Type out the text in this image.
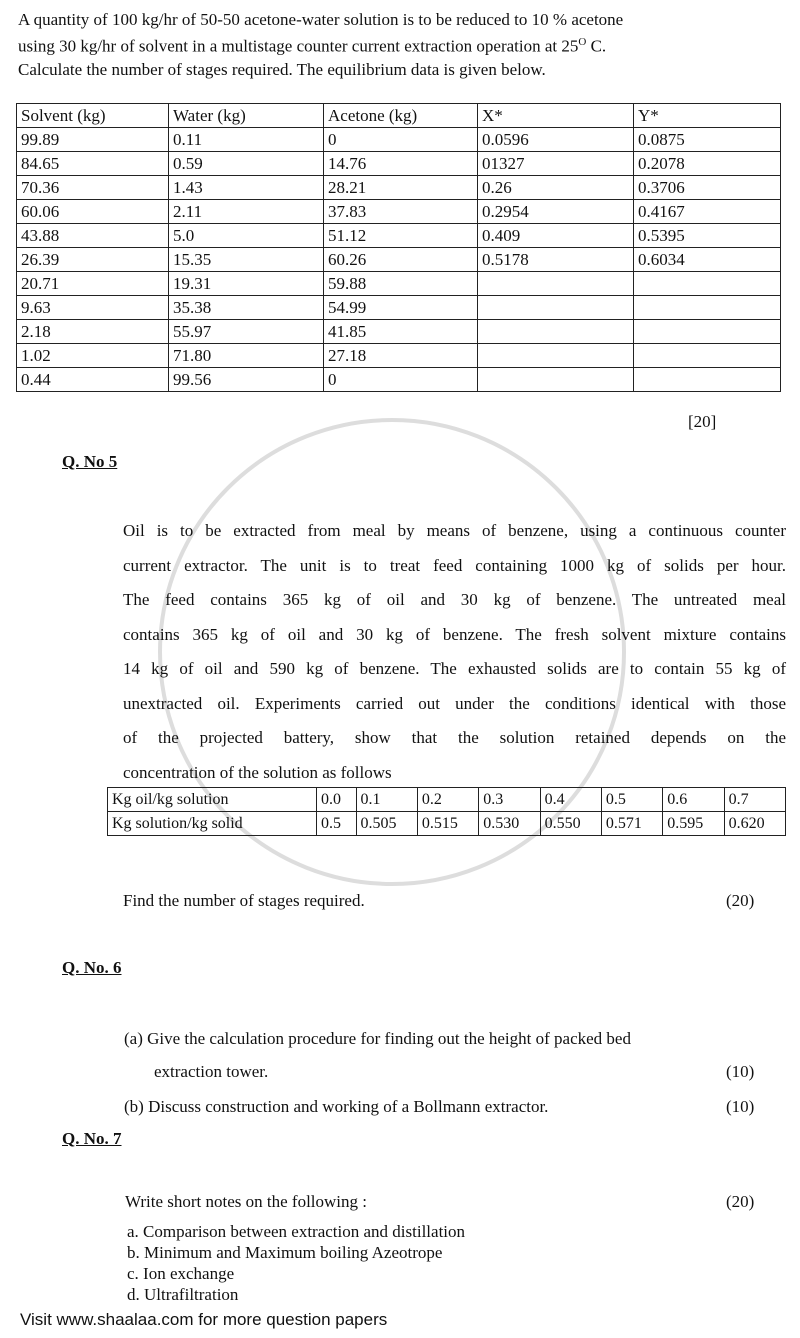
A quantity of 100 kg/hr of 50-50 acetone-water solution is to be reduced to 10 % acetone
using 30 kg/hr of solvent in a multistage counter current extraction operation at $25^O$ C.
Calculate the number of stages required. The equilibrium data is given below.
Solvent (kg)	Water (kg)	Acetone (kg)	X*	Y*
99.89	0.11	0	0.0596	0.0875
84.65	0.59	14.76	01327	0.2078
70.36	1.43	28.21	0.26	0.3706
60.06	2.11	37.83	0.2954	0.4167
43.88	5.0	51.12	0.409	0.5395
26.39	15.35	60.26	0.5178	0.6034
20.71	19.31	59.88		
9.63	35.38	54.99		
2.18	55.97	41.85		
1.02	71.80	27.18		
0.44	99.56	0		
[20]
Q. No 5
Oil is to be extracted from meal by means of benzene, using a continuous counter
current extractor. The unit is to treat feed containing 1000 kg of solids per hour.
The feed contains 365 kg of oil and 30 kg of benzene. The untreated meal
contains 365 kg of oil and 30 kg of benzene. The fresh solvent mixture contains
14 kg of oil and 590 kg of benzene. The exhausted solids are to contain 55 kg of
unextracted oil. Experiments carried out under the conditions identical with those
of the projected battery, show that the solution retained depends on the
concentration of the solution as follows
Kg oil/kg solution	0.0	0.1	0.2	0.3	0.4	0.5	0.6	0.7
Kg solution/kg solid	0.5	0.505	0.515	0.530	0.550	0.571	0.595	0.620
Find the number of stages required.	(20)
Q. No. 6
(a) Give the calculation procedure for finding out the height of packed bed
extraction tower.	(10)
(b) Discuss construction and working of a Bollmann extractor.	(10)
Q. No. 7
Write short notes on the following :	(20)
a. Comparison between extraction and distillation
b. Minimum and Maximum boiling Azeotrope
c. Ion exchange
d. Ultrafiltration
Visit www.shaalaa.com for more question papers
